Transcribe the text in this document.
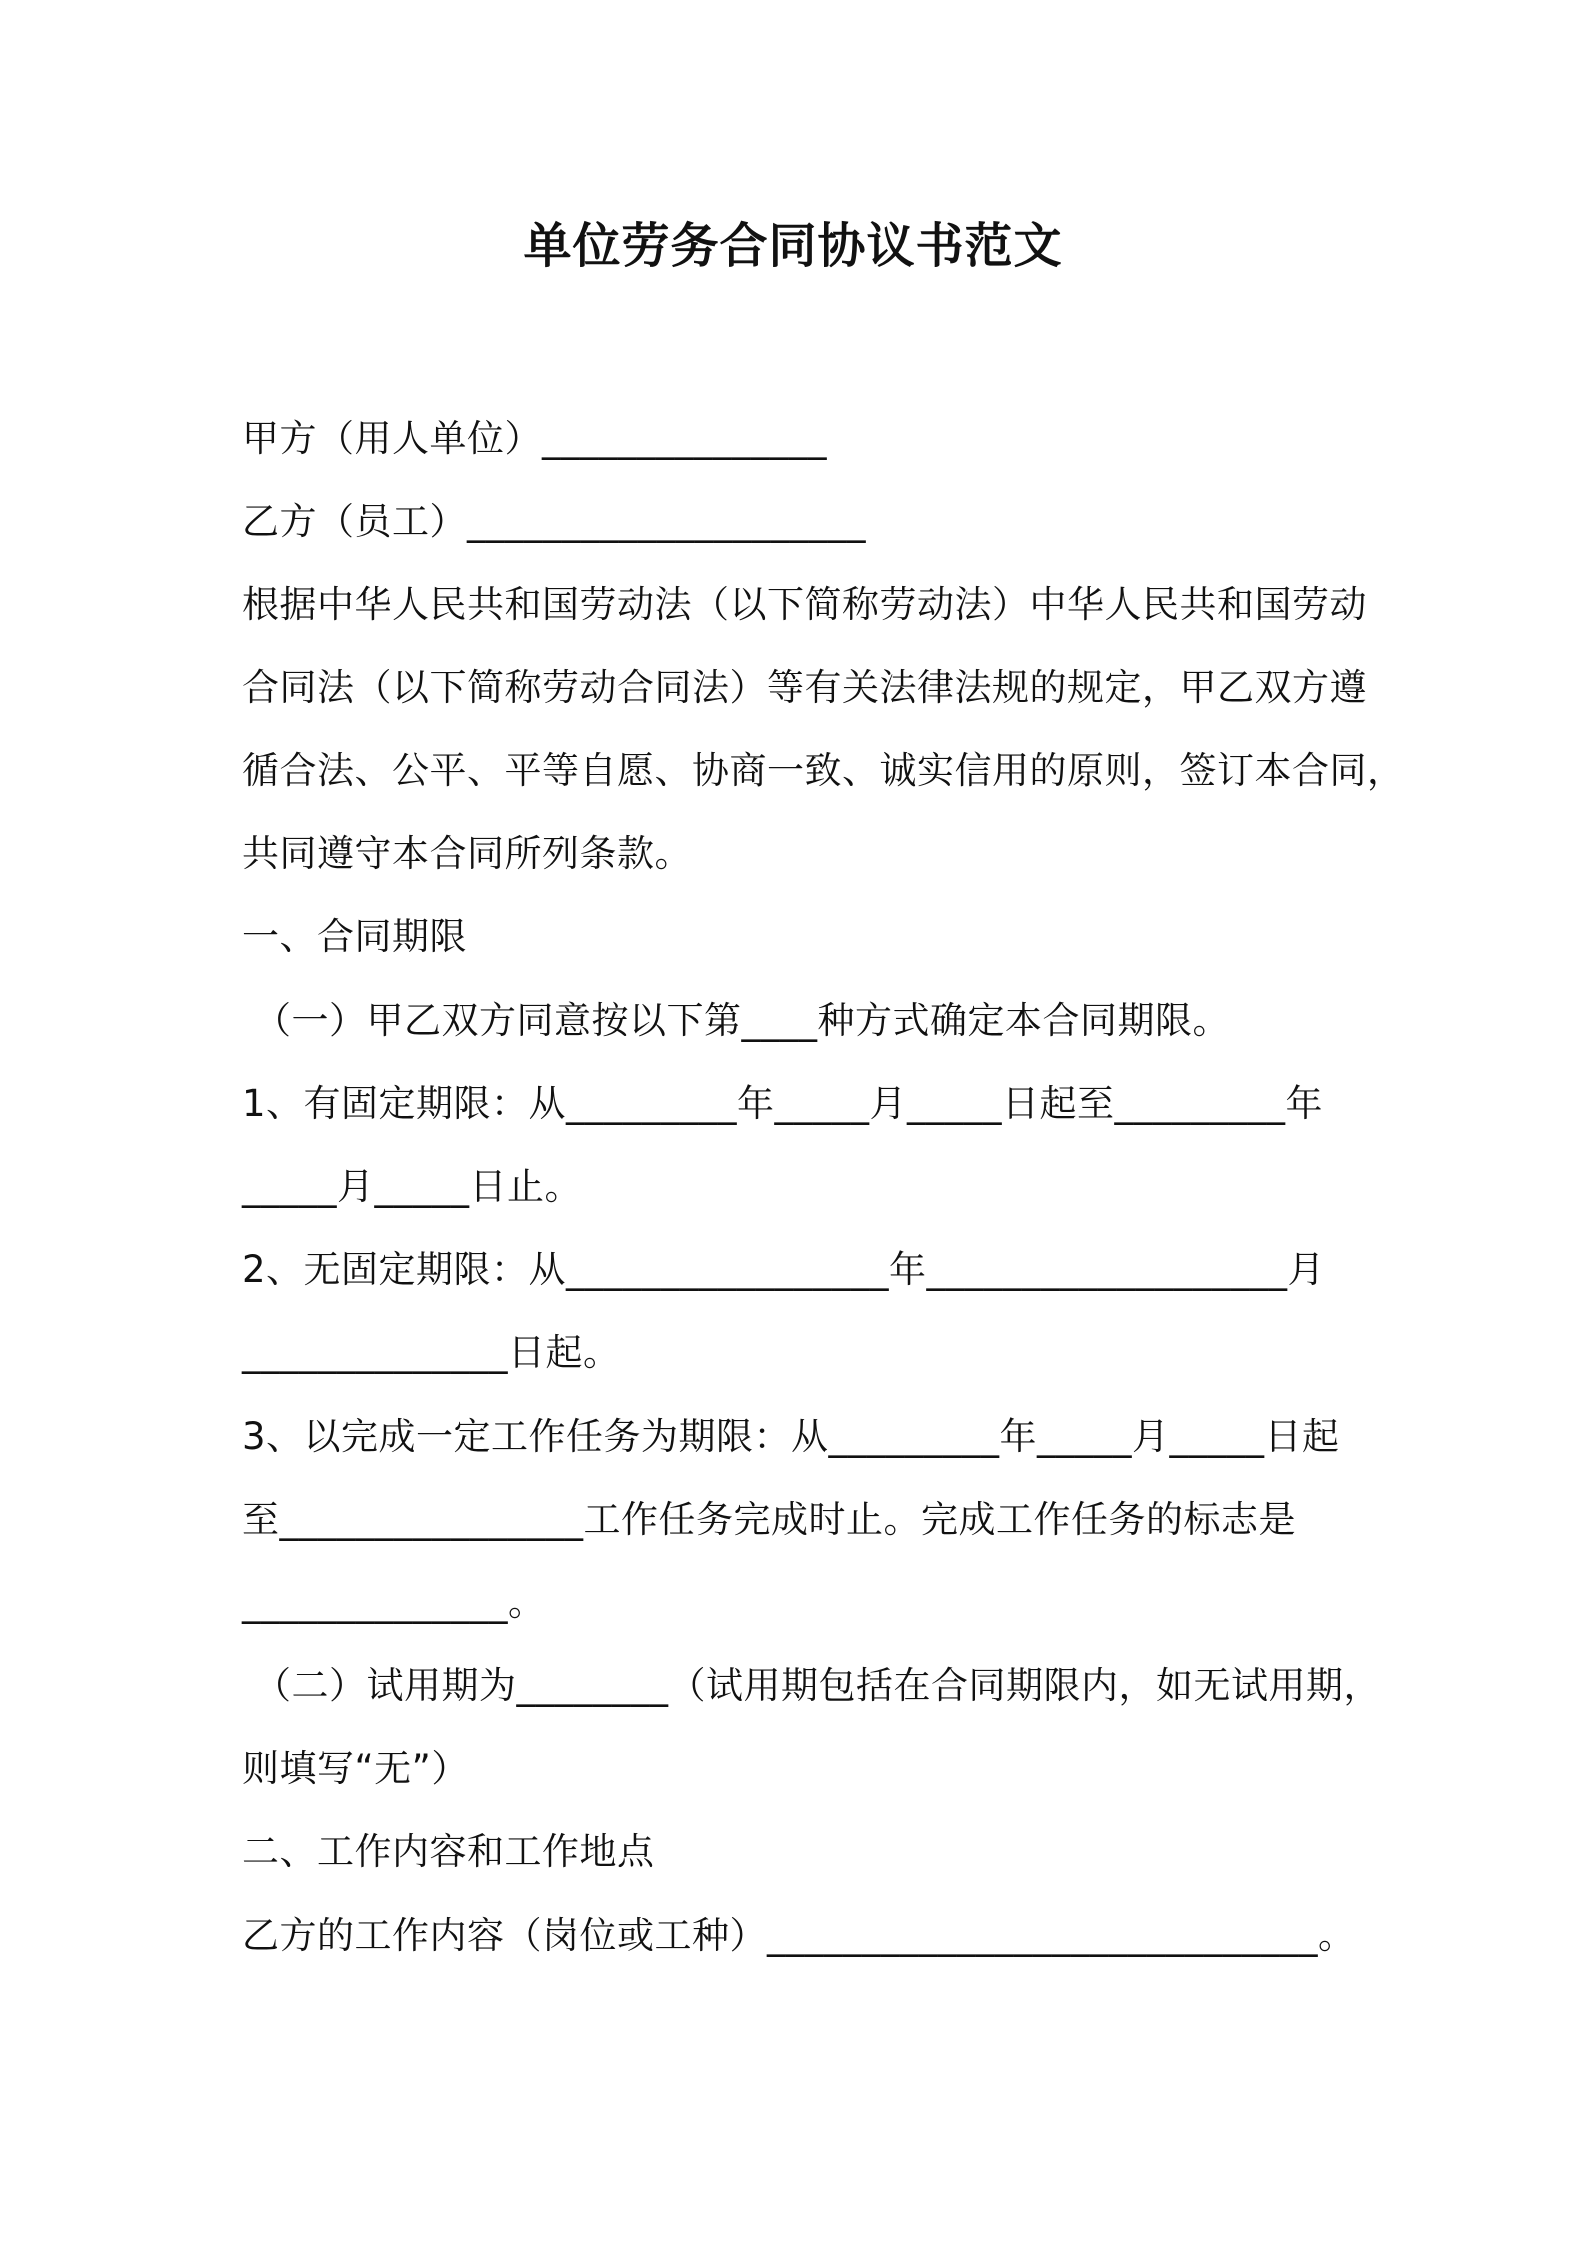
单位劳务合同协议书范文
甲方（用人单位）_______________
乙方（员工）_____________________
根据中华人民共和国劳动法（以下简称劳动法）中华人民共和国劳动
合同法（以下简称劳动合同法）等有关法律法规的规定，甲乙双方遵
循合法、公平、平等自愿、协商一致、诚实信用的原则，签订本合同，
共同遵守本合同所列条款。
一、合同期限
（一）甲乙双方同意按以下第____种方式确定本合同期限。
1、有固定期限：从_________年_____月_____日起至_________年
_____月_____日止。
2、无固定期限：从_________________年___________________月
______________日起。
3、以完成一定工作任务为期限：从_________年_____月_____日起
至________________工作任务完成时止。完成工作任务的标志是
______________。
（二）试用期为________（试用期包括在合同期限内，如无试用期，
则填写“无”）
二、工作内容和工作地点
乙方的工作内容（岗位或工种）_____________________________。
